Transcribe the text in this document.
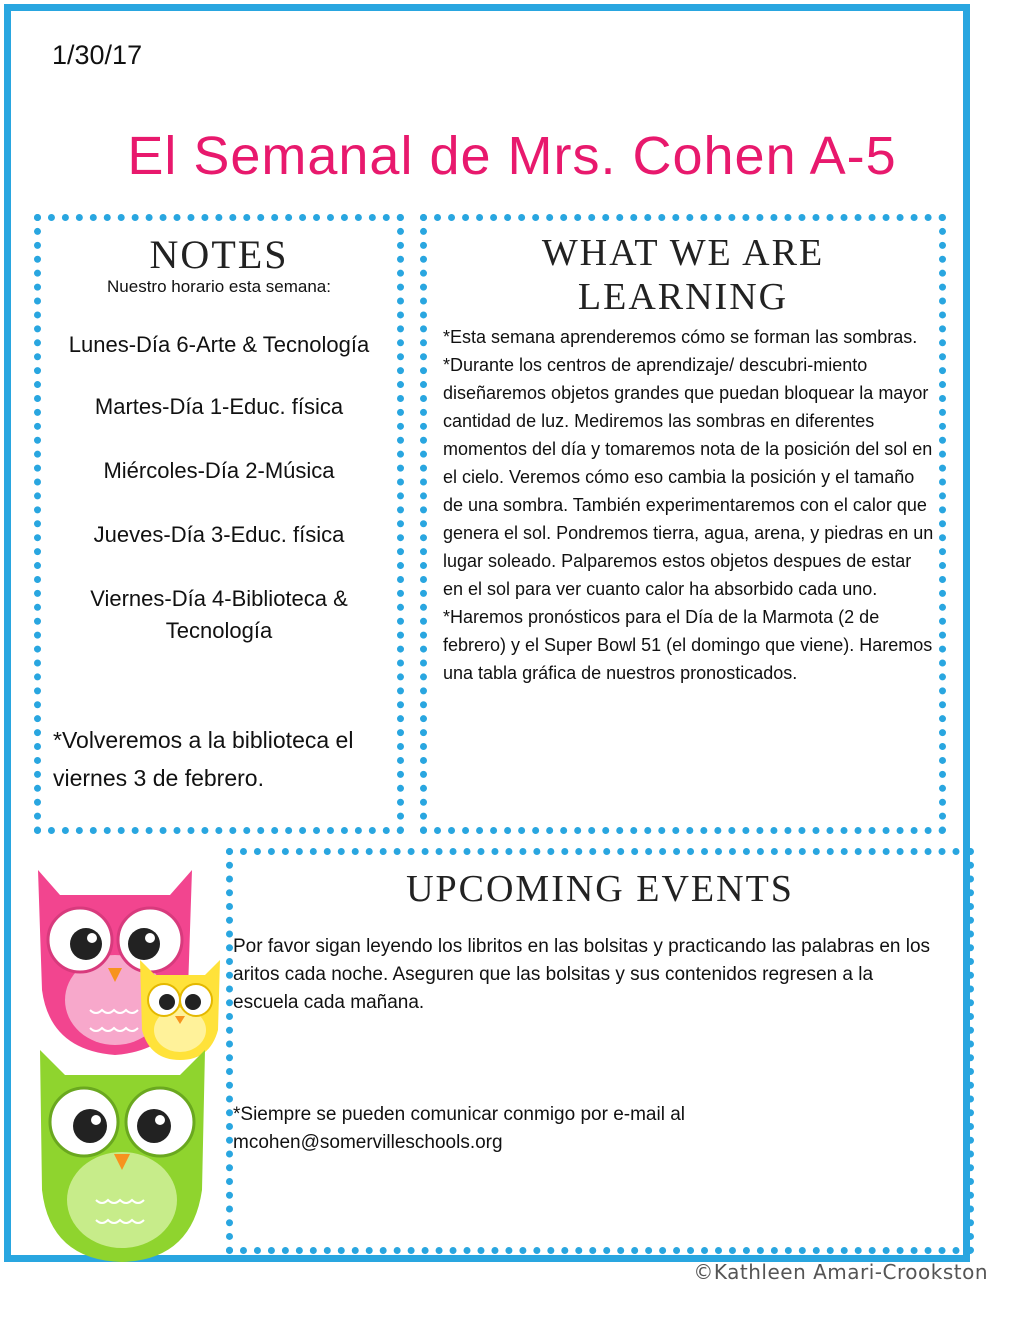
1/30/17
El Semanal de Mrs. Cohen A-5
NOTES
Nuestro horario esta semana:
Lunes-Día 6-Arte & Tecnología
Martes-Día 1-Educ. física
Miércoles-Día 2-Música
Jueves-Día 3-Educ. física
Viernes-Día 4-Biblioteca & Tecnología
*Volveremos a la biblioteca el viernes 3 de febrero.
WHAT WE ARE
LEARNING

*Esta semana aprenderemos cómo se forman las sombras.

*Durante los centros de aprendizaje/ descubri-miento diseñaremos objetos grandes que puedan bloquear la mayor cantidad de luz. Mediremos las sombras en diferentes momentos del día y tomaremos nota de la posición del sol en el cielo. Veremos cómo eso cambia la posición y el tamaño de una sombra. También experimentaremos con el calor que genera el sol. Pondremos tierra, agua, arena, y piedras en un lugar soleado. Palparemos estos objetos despues de estar en el sol para ver cuanto calor ha absorbido cada uno.

*Haremos pronósticos para el Día de la Marmota (2 de febrero) y el Super Bowl 51 (el domingo que viene). Haremos una tabla gráfica de nuestros pronosticados.

UPCOMING EVENTS
Por favor sigan leyendo los libritos en las bolsitas y practicando las palabras en los aritos cada noche. Aseguren que las bolsitas y sus contenidos regresen a la escuela cada mañana.
*Siempre se pueden comunicar conmigo por e-mail al mcohen@somervilleschools.org
©Kathleen Amari-Crookston
